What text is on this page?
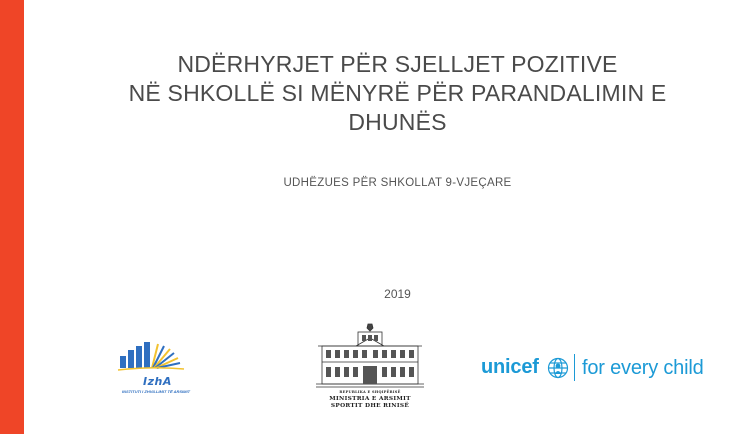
NDËRHYRJET PËR SJELLJET POZITIVE
NË SHKOLLË SI MËNYRË PËR PARANDALIMIN E
DHUNËS
UDHËZUES PËR SHKOLLAT 9-VJEÇARE
2019
IzhA
INSTITUTI I ZHVILLIMIT TË ARSIMIT	REPUBLIKA E SHQIPËRISË
MINISTRIA E ARSIMIT
SPORTIT DHE RINISË
unicef for every child
